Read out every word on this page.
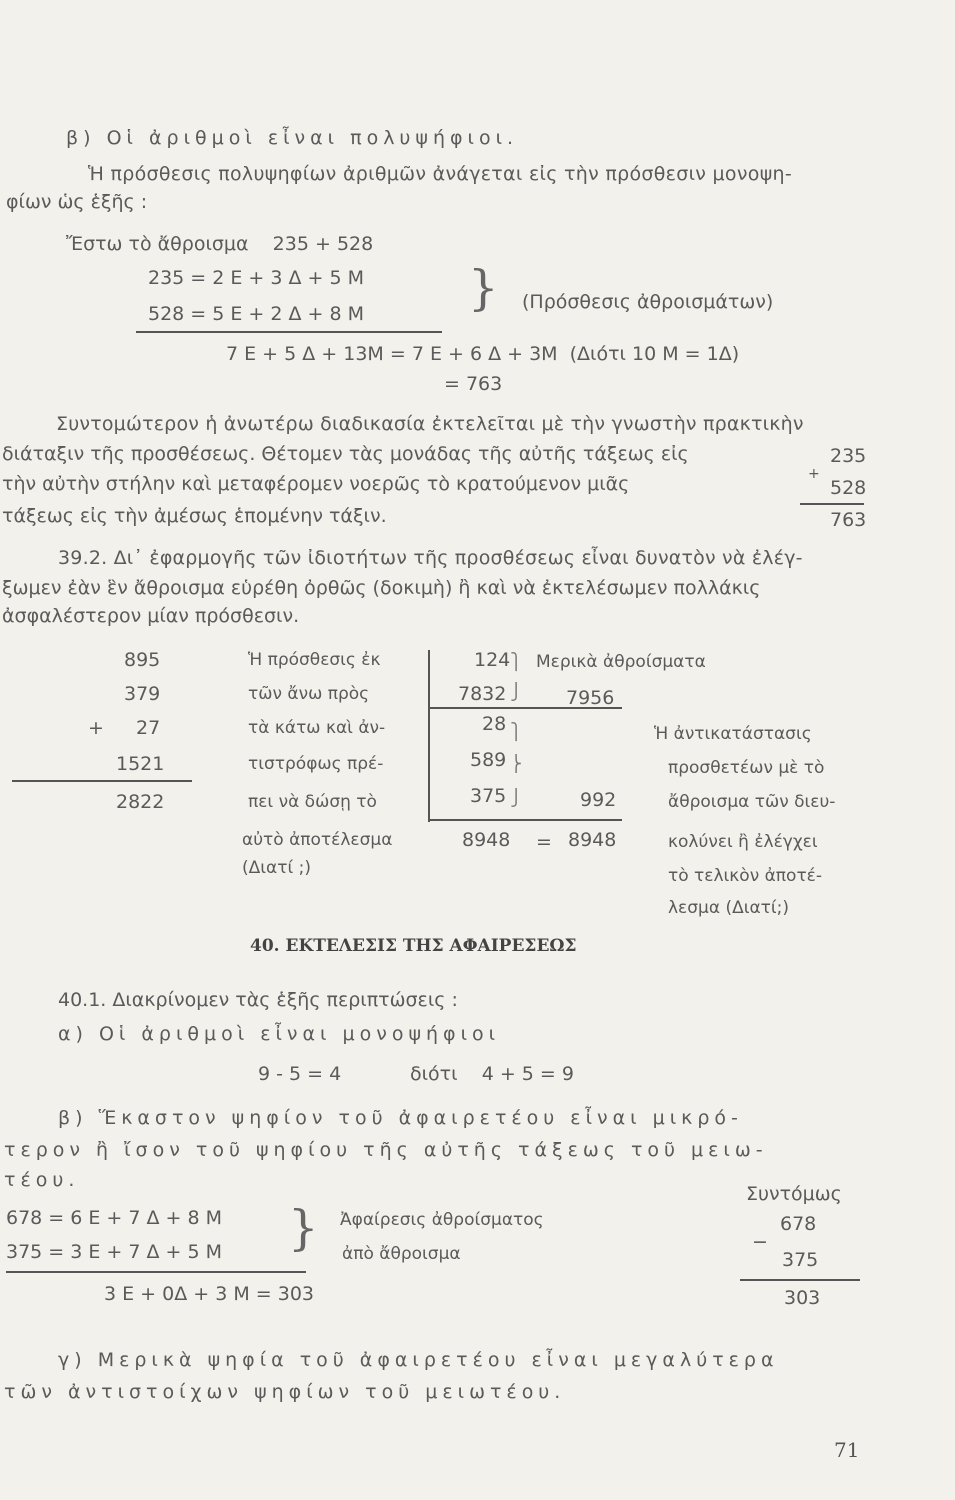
β) Οἱ ἀριθμοὶ εἶναι πολυψήφιοι.
Ἡ πρόσθεσις πολυψηφίων ἀριθμῶν ἀνάγεται εἰς τὴν πρόσθεσιν μονοψη-
φίων ὡς ἑξῆς :
Ἔστω τὸ ἄθροισμα    235 + 528
235 = 2 Ε + 3 Δ + 5 Μ
528 = 5 Ε + 2 Δ + 8 Μ } (Πρόσθεσις ἀθροισμάτων)
7 Ε + 5 Δ + 13Μ = 7 Ε + 6 Δ + 3Μ  (Διότι 10 Μ = 1Δ)
= 763
Συντομώτερον ἡ ἀνωτέρω διαδικασία ἐκτελεῖται μὲ τὴν γνωστὴν πρακτικὴν
διάταξιν τῆς προσθέσεως. Θέτομεν τὰς μονάδας τῆς αὐτῆς τάξεως εἰς
τὴν αὐτὴν στήλην καὶ μεταφέρομεν νοερῶς τὸ κρατούμενον μιᾶς
τάξεως εἰς τὴν ἀμέσως ἑπομένην τάξιν.
235
+
528
763
39.2. Δι᾽ ἐφαρμογῆς τῶν ἰδιοτήτων τῆς προσθέσεως εἶναι δυνατὸν νὰ ἐλέγ-
ξωμεν ἐὰν ἓν ἄθροισμα εὑρέθη ὀρθῶς (δοκιμὴ) ἢ καὶ νὰ ἐκτελέσωμεν πολλάκις
ἀσφαλέστερον μίαν πρόσθεσιν.
895
379
+ 27
1521
2822
Ἡ πρόσθεσις ἐκ
τῶν ἄνω πρὸς
τὰ κάτω καὶ ἀν-
τιστρόφως πρέ-
πει νὰ δώσῃ τὸ
αὐτὸ ἀποτέλεσμα
(Διατί ;)
124
7832
28
589
375
8948
⎫
⎭
⎫
⎬
⎭
Μερικὰ ἀθροίσματα
7956
992
= 8948
Ἡ ἀντικατάστασις
προσθετέων μὲ τὸ
ἄθροισμα τῶν διευ-
κολύνει ἢ ἐλέγχει
τὸ τελικὸν ἀποτέ-
λεσμα (Διατί;)
40. ΕΚΤΕΛΕΣΙΣ ΤΗΣ ΑΦΑΙΡΕΣΕΩΣ
40.1. Διακρίνομεν τὰς ἑξῆς περιπτώσεις :
α) Οἱ ἀριθμοὶ εἶναι μονοψήφιοι
9 - 5 = 4	διότι    4 + 5 = 9
β) Ἕκαστον ψηφίον τοῦ ἀφαιρετέου εἶναι μικρό-
τερον ἢ ἴσον τοῦ ψηφίου τῆς αὐτῆς τάξεως τοῦ μειω-
τέου.
678 = 6 Ε + 7 Δ + 8 Μ
375 = 3 Ε + 7 Δ + 5 Μ } Ἀφαίρεσις ἀθροίσματος
ἀπὸ ἄθροισμα
3 Ε + 0Δ + 3 Μ = 303
Συντόμως
678
−
375
303
γ) Μερικὰ ψηφία τοῦ ἀφαιρετέου εἶναι μεγαλύτερα
τῶν ἀντιστοίχων ψηφίων τοῦ μειωτέου.
71
